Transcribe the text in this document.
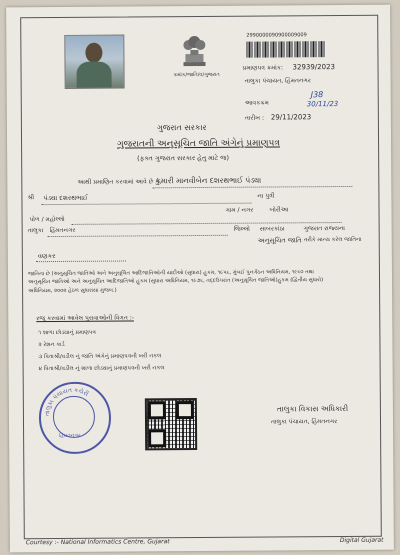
ક્રમાંક/જાતિ/વ/ગુજરાત
2990000090900009009
પ્રમાણપત્ર ક્રમાંક: 32939/2023
તાલુકા પંચાયત, હિંમતનગર
આવકક્રમ
તારીખ : 29/11/2023
J38
30/11/23
ગુજરાત સરકાર
ગુજરાતની અનુસૂચિત જાતિ અંગેનું પ્રમાણપત્ર
(ફક્ત ગુજરાત સરકાર હેતુ માટે જ)
આથી પ્રમાણિત કરવામાં આવે છે કે,
કુમારી માનવીબેન દશરથભાઈ પંડ્યા
શ્રી પંડ્યા દશરથભાઈ	ના પુત્રી
ગામ / નગર	બોરીઆ
પોળ / મહોલ્લો
તાલુકા હિંમતનગર	જિલ્લો સાબરકાંઠા	ગુજરાત રાજ્યના
અનુસૂચિત જાતિ તરીકે માન્ય કરેલ જાતિના
વણકર
જાતિના છે (અનુસૂચિત જાતિઓ અને અનુસૂચિત આદિજાતિઓની યાદીઓ (સુધારા) હુકમ, ૧૯૫૬, મુંબઈ પુનર્ગઠન અધિનિયમ, ૧૯૬૦ તથા
અનુસૂચિત જાતિઓ અને અનુસૂચિત આદિજાતિઓ હુકમ (સુધારા અધિનિયમ, ૧૯૭૬, તદ્દઉપરાંત (અનુસૂચિત જાતિઓ)હુકમ (દ્વિતીય સુધારો)
અધિનિયમ, ૨૦૦૨ હેઠળ સુધારાયા મુજબ.)
રજૂ કરવામાં આવેલ પુરાવાઓની વિગત :-
૧ શાળા છોડ્યાનું પ્રમાણપત્ર
૨ રેશન કાર્ડ
૩ પિતાશ્રી/વડીલ નું જાતિ અંગેનું પ્રમાણપત્રની ખરી નકલ
૪ પિતાશ્રી/વડીલ નું શાળા છોડ્યાનું પ્રમાણપત્રની ખરી નકલ
તાલુકા પંચાયત કચેરી
હિંમતનગર
તાલુકા વિકાસ અધિકારી
તાલુકા પંચાયત, હિંમતનગર
Courtesy :- National Informatics Centre, Gujarat	Digital Gujarat
